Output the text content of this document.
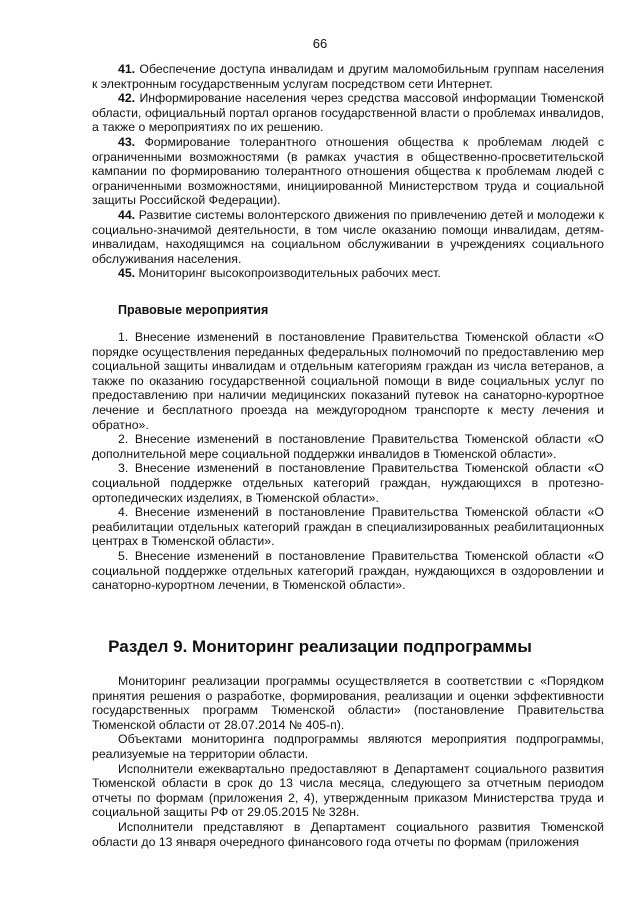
66

41. Обеспечение доступа инвалидам и другим маломобильным группам населения к электронным государственным услугам посредством сети Интернет.

42. Информирование населения через средства массовой информации Тюменской области, официальный портал органов государственной власти о проблемах инвалидов, а также о мероприятиях по их решению.

43. Формирование толерантного отношения общества к проблемам людей с ограниченными возможностями (в рамках участия в общественно-просветительской кампании по формированию толерантного отношения общества к проблемам людей с ограниченными возможностями, инициированной Министерством труда и социальной защиты Российской Федерации).

44. Развитие системы волонтерского движения по привлечению детей и молодежи к социально-значимой деятельности, в том числе оказанию помощи инвалидам, детям-инвалидам, находящимся на социальном обслуживании в учреждениях социального обслуживания населения.

45. Мониторинг высокопроизводительных рабочих мест.

Правовые мероприятия

1. Внесение изменений в постановление Правительства Тюменской области «О порядке осуществления переданных федеральных полномочий по предоставлению мер социальной защиты инвалидам и отдельным категориям граждан из числа ветеранов, а также по оказанию государственной социальной помощи в виде социальных услуг по предоставлению при наличии медицинских показаний путевок на санаторно-курортное лечение и бесплатного проезда на междугородном транспорте к месту лечения и обратно».

2. Внесение изменений в постановление Правительства Тюменской области «О дополнительной мере социальной поддержки инвалидов в Тюменской области».

3. Внесение изменений в постановление Правительства Тюменской области «О социальной поддержке отдельных категорий граждан, нуждающихся в протезно-ортопедических изделиях, в Тюменской области».

4. Внесение изменений в постановление Правительства Тюменской области «О реабилитации отдельных категорий граждан в специализированных реабилитационных центрах в Тюменской области».

5. Внесение изменений в постановление Правительства Тюменской области «О социальной поддержке отдельных категорий граждан, нуждающихся в оздоровлении и санаторно-курортном лечении, в Тюменской области».

Раздел 9. Мониторинг реализации подпрограммы

Мониторинг реализации программы осуществляется в соответствии с «Порядком принятия решения о разработке, формирования, реализации и оценки эффективности государственных программ Тюменской области» (постановление Правительства Тюменской области от 28.07.2014 № 405-п).

Объектами мониторинга подпрограммы являются мероприятия подпрограммы, реализуемые на территории области.

Исполнители ежеквартально предоставляют в Департамент социального развития Тюменской области в срок до 13 числа месяца, следующего за отчетным периодом отчеты по формам (приложения 2, 4), утвержденным приказом Министерства труда и социальной защиты РФ от 29.05.2015 № 328н.

Исполнители представляют в Департамент социального развития Тюменской области до 13 января очередного финансового года отчеты по формам (приложения
